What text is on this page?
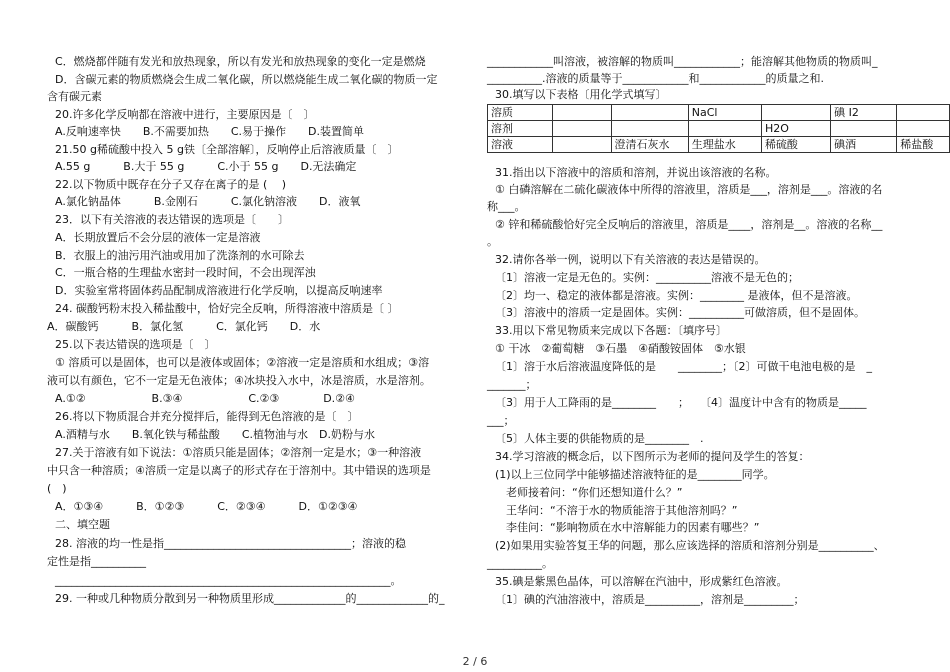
C．燃烧都伴随有发光和放热现象，所以有发光和放热现象的变化一定是燃烧
D．含碳元素的物质燃烧会生成二氧化碳，所以燃烧能生成二氧化碳的物质一定
含有碳元素
20.许多化学反响都在溶液中进行，主要原因是〔　〕
A.反响速率快　　B.不需要加热　　C.易于操作　　D.装置简单
21.50 g稀硫酸中投入 5 g铁〔全部溶解〕，反响停止后溶液质量〔　〕
A.55 g　　　B.大于 55 g　　　C.小于 55 g　　D.无法确定
22.以下物质中既存在分子又存在离子的是 (　 )
A.氯化钠晶体　　　B.金刚石　　　C.氯化钠溶液　　D．液氧
23．以下有关溶液的表达错误的选项是〔　　〕
A．长期放置后不会分层的液体一定是溶液
B．衣服上的油污用汽油或用加了洗涤剂的水可除去
C．一瓶合格的生理盐水密封一段时间，不会出现浑浊
D．实验室常将固体药品配制成溶液进行化学反响，以提高反响速率
24. 碳酸钙粉末投入稀盐酸中，恰好完全反响，所得溶液中溶质是〔 〕
A．碳酸钙　　　B．氯化氢　　　C．氯化钙　　D．水
25.以下表达错误的选项是〔　〕
① 溶质可以是固体，也可以是液体或固体；②溶液一定是溶质和水组成；③溶
液可以有颜色，它不一定是无色液体；④冰块投入水中，冰是溶质，水是溶剂。
A.①②　　　　　　B.③④　　　　　　C.②③　　　　D.②④
26.将以下物质混合并充分搅拌后，能得到无色溶液的是〔　〕
A.酒精与水　　B.氧化铁与稀盐酸　　C.植物油与水　D.奶粉与水
27.关于溶液有如下说法：①溶质只能是固体；②溶剂一定是水；③一种溶液
中只含一种溶质；④溶质一定是以离子的形式存在于溶剂中。其中错误的选项是
(　)
A．①③④　　　B．①②③　　　C．②③④　　　D．①②③④
二、填空题
28. 溶液的均一性是指__________________________________；溶液的稳
定性是指__________
_____________________________________________________________。
29. 一种或几种物质分散到另一种物质里形成_____________的_____________的_
____________叫溶液，被溶解的物质叫____________；能溶解其他物质的物质叫_
__________.溶液的质量等于____________和____________的质量之和.
30.填写以下表格〔用化学式填写〕
溶质			NaCl		碘 I2	
溶剂				H2O		
溶液		澄清石灰水	生理盐水	稀硫酸	碘酒	稀盐酸
31.指出以下溶液中的溶质和溶剂，并说出该溶液的名称。
① 白磷溶解在二硫化碳液体中所得的溶液里，溶质是___，溶剂是___。溶液的名
称___。
② 锌和稀硫酸恰好完全反响后的溶液里，溶质是____，溶剂是__。溶液的名称__
。
32.请你各举一例，说明以下有关溶液的表达是错误的。
〔1〕溶液一定是无色的。实例：__________溶液不是无色的；
〔2〕均一、稳定的液体都是溶液。实例：________ 是液体，但不是溶液。
〔3〕溶液中的溶质一定是固体。实例：__________可做溶质，但不是固体。
33.用以下常见物质来完成以下各题：〔填序号〕
① 干冰　②葡萄糖　③石墨　④硝酸铵固体　⑤水银
〔1〕溶于水后溶液温度降低的是　　________；〔2〕可做干电池电极的是　_
_______；
〔3〕用于人工降雨的是________　　；　　〔4〕温度计中含有的物质是_____
___；
〔5〕人体主要的供能物质的是________　.
34.学习溶液的概念后，以下图所示为老师的提问及学生的答复：
(1)以上三位同学中能够描述溶液特征的是________同学。
　老师接着问：“你们还想知道什么？”
　王华问：“不溶于水的物质能溶于其他溶剂吗？”
　李佳问：“影响物质在水中溶解能力的因素有哪些？”
(2)如果用实验答复王华的问题，那么应该选择的溶质和溶剂分别是__________、
__________。
35.碘是紫黑色晶体，可以溶解在汽油中，形成紫红色溶液。
〔1〕碘的汽油溶液中，溶质是__________，溶剂是_________；
2 / 6
